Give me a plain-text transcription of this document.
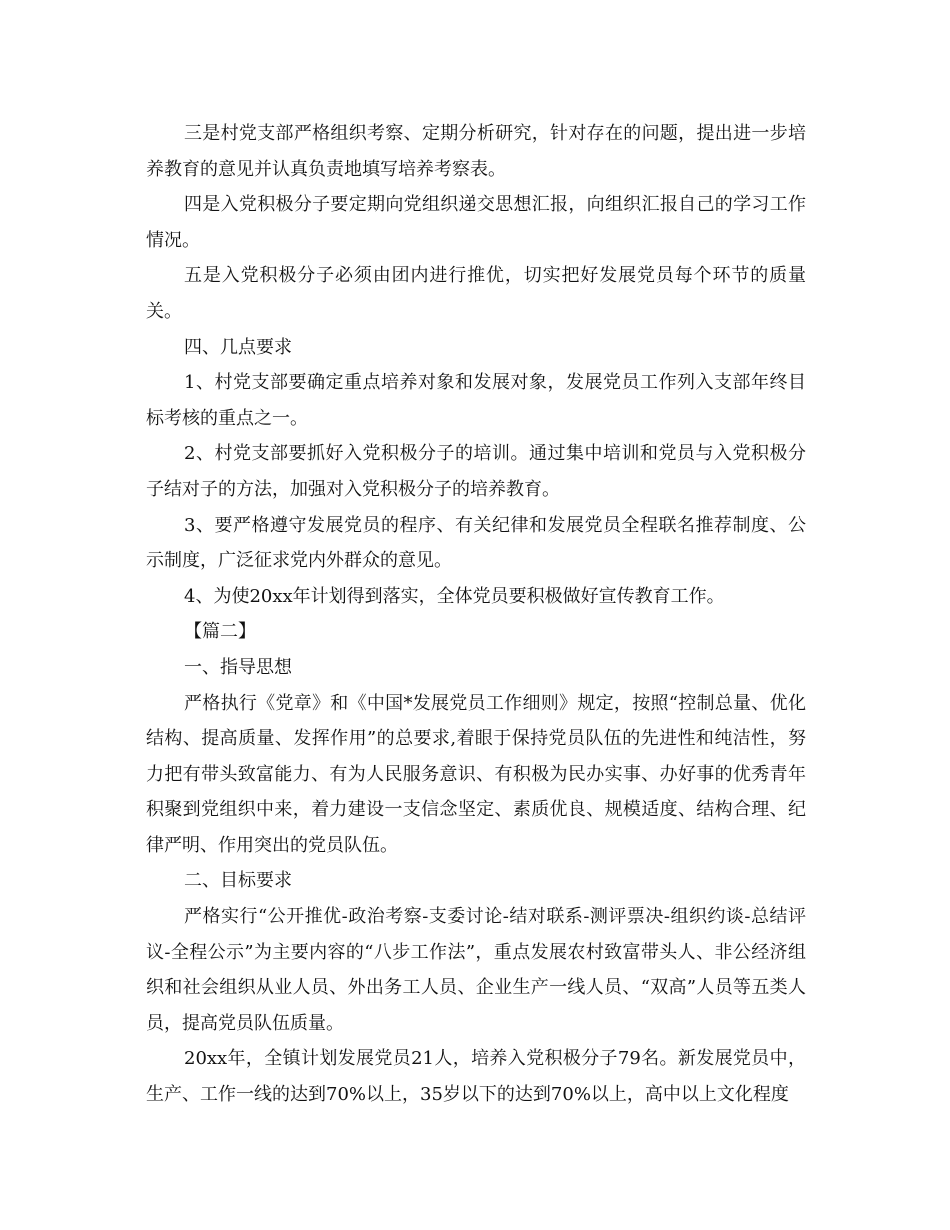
三是村党支部严格组织考察、定期分析研究，针对存在的问题，提出进一步培养教育的意见并认真负责地填写培养考察表。

四是入党积极分子要定期向党组织递交思想汇报，向组织汇报自己的学习工作情况。

五是入党积极分子必须由团内进行推优，切实把好发展党员每个环节的质量关。

四、几点要求

1、村党支部要确定重点培养对象和发展对象，发展党员工作列入支部年终目标考核的重点之一。

2、村党支部要抓好入党积极分子的培训。通过集中培训和党员与入党积极分子结对子的方法，加强对入党积极分子的培养教育。

3、要严格遵守发展党员的程序、有关纪律和发展党员全程联名推荐制度、公示制度，广泛征求党内外群众的意见。

4、为使20xx年计划得到落实，全体党员要积极做好宣传教育工作。

【篇二】

一、指导思想

严格执行《党章》和《中国*发展党员工作细则》规定，按照“控制总量、优化结构、提高质量、发挥作用”的总要求,着眼于保持党员队伍的先进性和纯洁性，努力把有带头致富能力、有为人民服务意识、有积极为民办实事、办好事的优秀青年积聚到党组织中来，着力建设一支信念坚定、素质优良、规模适度、结构合理、纪律严明、作用突出的党员队伍。

二、目标要求

严格实行“公开推优-政治考察-支委讨论-结对联系-测评票决-组织约谈-总结评议-全程公示”为主要内容的“八步工作法”，重点发展农村致富带头人、非公经济组织和社会组织从业人员、外出务工人员、企业生产一线人员、“双高”人员等五类人员，提高党员队伍质量。

20xx年，全镇计划发展党员21人，培养入党积极分子79名。新发展党员中，生产、工作一线的达到70%以上，35岁以下的达到70%以上，高中以上文化程度
